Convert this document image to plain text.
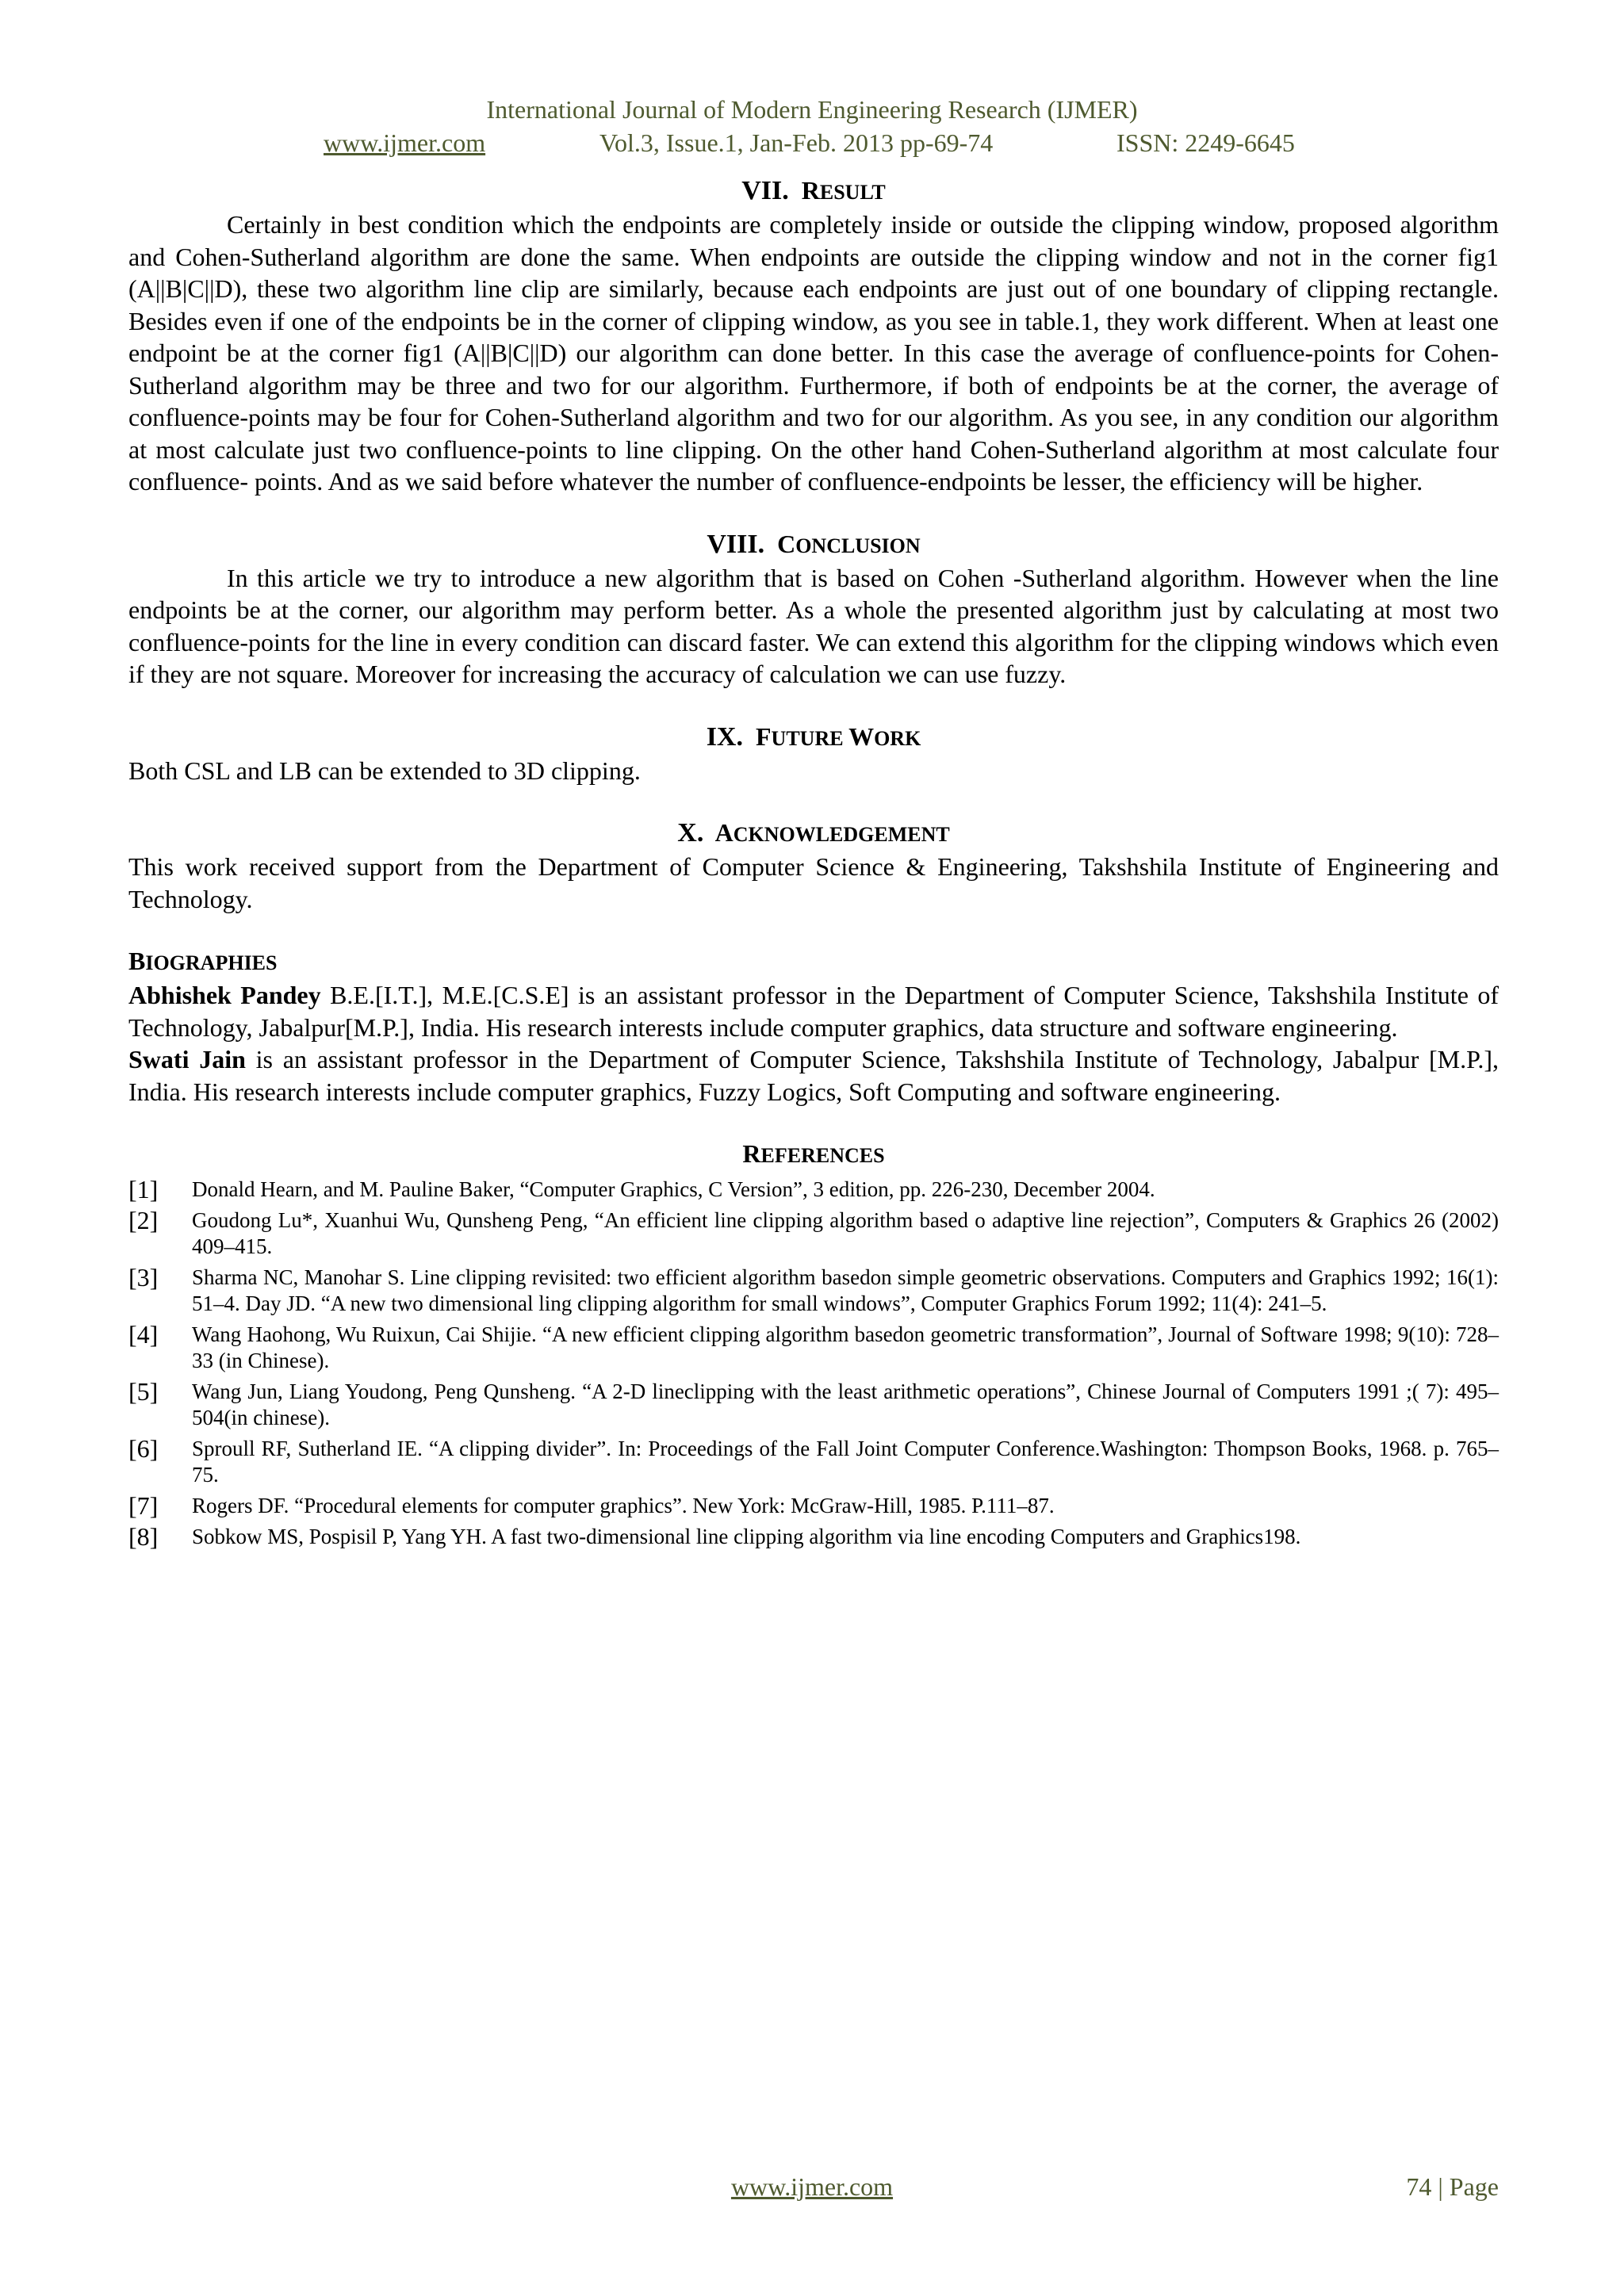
International Journal of Modern Engineering Research (IJMER)
www.ijmer.com	Vol.3, Issue.1, Jan-Feb. 2013 pp-69-74	ISSN: 2249-6645
VII. RESULT

Certainly in best condition which the endpoints are completely inside or outside the clipping window, proposed algorithm and Cohen-Sutherland algorithm are done the same. When endpoints are outside the clipping window and not in the corner fig1 (A||B|C||D), these two algorithm line clip are similarly, because each endpoints are just out of one boundary of clipping rectangle. Besides even if one of the endpoints be in the corner of clipping window, as you see in table.1, they work different. When at least one endpoint be at the corner fig1 (A||B|C||D) our algorithm can done better. In this case the average of confluence-points for Cohen-Sutherland algorithm may be three and two for our algorithm. Furthermore, if both of endpoints be at the corner, the average of confluence-points may be four for Cohen-Sutherland algorithm and two for our algorithm. As you see, in any condition our algorithm at most calculate just two confluence-points to line clipping. On the other hand Cohen-Sutherland algorithm at most calculate four confluence- points. And as we said before whatever the number of confluence-endpoints be lesser, the efficiency will be higher.

VIII. CONCLUSION

In this article we try to introduce a new algorithm that is based on Cohen -Sutherland algorithm. However when the line endpoints be at the corner, our algorithm may perform better. As a whole the presented algorithm just by calculating at most two confluence-points for the line in every condition can discard faster. We can extend this algorithm for the clipping windows which even if they are not square. Moreover for increasing the accuracy of calculation we can use fuzzy.

IX. FUTURE WORK

Both CSL and LB can be extended to 3D clipping.

X. ACKNOWLEDGEMENT

This work received support from the Department of Computer Science & Engineering, Takshshila Institute of Engineering and Technology.

BIOGRAPHIES

Abhishek Pandey B.E.[I.T.], M.E.[C.S.E] is an assistant professor in the Department of Computer Science, Takshshila Institute of Technology, Jabalpur[M.P.], India. His research interests include computer graphics, data structure and software engineering.

Swati Jain is an assistant professor in the Department of Computer Science, Takshshila Institute of Technology, Jabalpur [M.P.], India. His research interests include computer graphics, Fuzzy Logics, Soft Computing and software engineering.

REFERENCES
[1]	Donald Hearn, and M. Pauline Baker, “Computer Graphics, C Version”, 3 edition, pp. 226-230, December 2004.
[2]	Goudong Lu*, Xuanhui Wu, Qunsheng Peng, “An efficient line clipping algorithm based o adaptive line rejection”, Computers & Graphics 26 (2002) 409–415.
[3]	Sharma NC, Manohar S. Line clipping revisited: two efficient algorithm basedon simple geometric observations. Computers and Graphics 1992; 16(1): 51–4. Day JD. “A new two dimensional ling clipping algorithm for small windows”, Computer Graphics Forum 1992; 11(4): 241–5.
[4]	Wang Haohong, Wu Ruixun, Cai Shijie. “A new efficient clipping algorithm basedon geometric transformation”, Journal of Software 1998; 9(10): 728–33 (in Chinese).
[5]	Wang Jun, Liang Youdong, Peng Qunsheng. “A 2-D lineclipping with the least arithmetic operations”, Chinese Journal of Computers 1991 ;( 7): 495–504(in chinese).
[6]	Sproull RF, Sutherland IE. “A clipping divider”. In: Proceedings of the Fall Joint Computer Conference.Washington: Thompson Books, 1968. p. 765–75.
[7]	Rogers DF. “Procedural elements for computer graphics”. New York: McGraw-Hill, 1985. P.111–87.
[8]	Sobkow MS, Pospisil P, Yang YH. A fast two-dimensional line clipping algorithm via line encoding Computers and Graphics198.
www.ijmer.com	74 | Page
